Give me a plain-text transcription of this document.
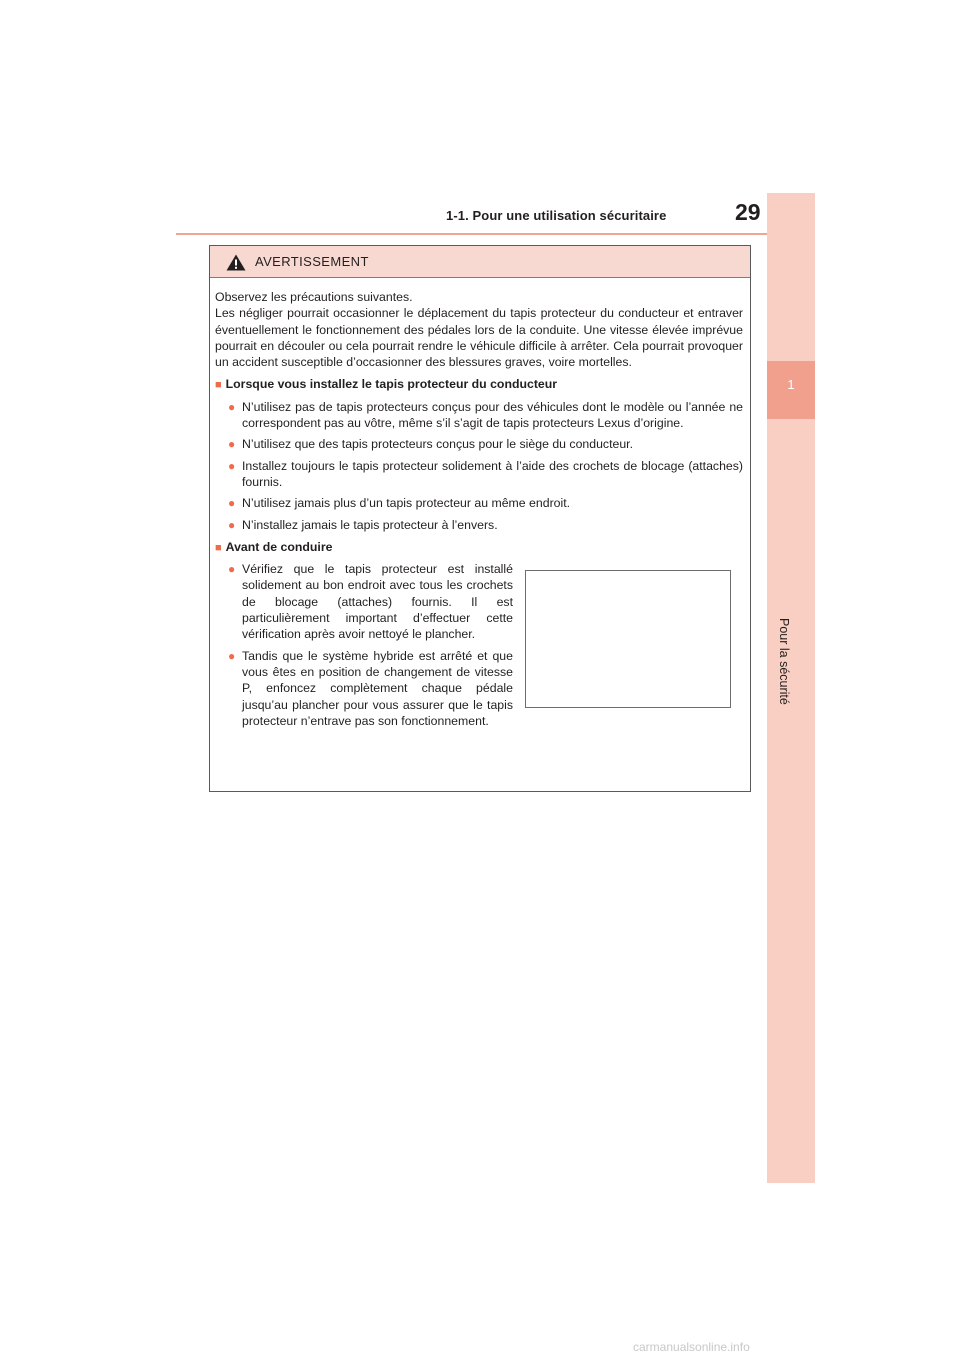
1-1. Pour une utilisation sécuritaire	29
1
Pour la sécurité
AVERTISSEMENT

Observez les précautions suivantes.

Les négliger pourrait occasionner le déplacement du tapis protecteur du conducteur et entraver éventuellement le fonctionnement des pédales lors de la conduite. Une vitesse élevée imprévue pourrait en découler ou cela pourrait rendre le véhicule difficile à arrêter. Cela pourrait provoquer un accident susceptible d’occasionner des blessures graves, voire mortelles.

■ Lorsque vous installez le tapis protecteur du conducteur
● N’utilisez pas de tapis protecteurs conçus pour des véhicules dont le modèle ou l’année ne correspondent pas au vôtre, même s’il s’agit de tapis protecteurs Lexus d’origine.
● N’utilisez que des tapis protecteurs conçus pour le siège du conducteur.
● Installez toujours le tapis protecteur solidement à l’aide des crochets de blocage (attaches) fournis.
● N’utilisez jamais plus d’un tapis protecteur au même endroit.
● N’installez jamais le tapis protecteur à l’envers.
■ Avant de conduire
● Vérifiez que le tapis protecteur est installé solidement au bon endroit avec tous les crochets de blocage (attaches) fournis. Il est particulièrement important d’effectuer cette vérification après avoir nettoyé le plancher.
● Tandis que le système hybride est arrêté et que vous êtes en position de changement de vitesse P, enfoncez complètement chaque pédale jusqu’au plancher pour vous assurer que le tapis protecteur n’entrave pas son fonctionnement.
carmanualsonline.info
